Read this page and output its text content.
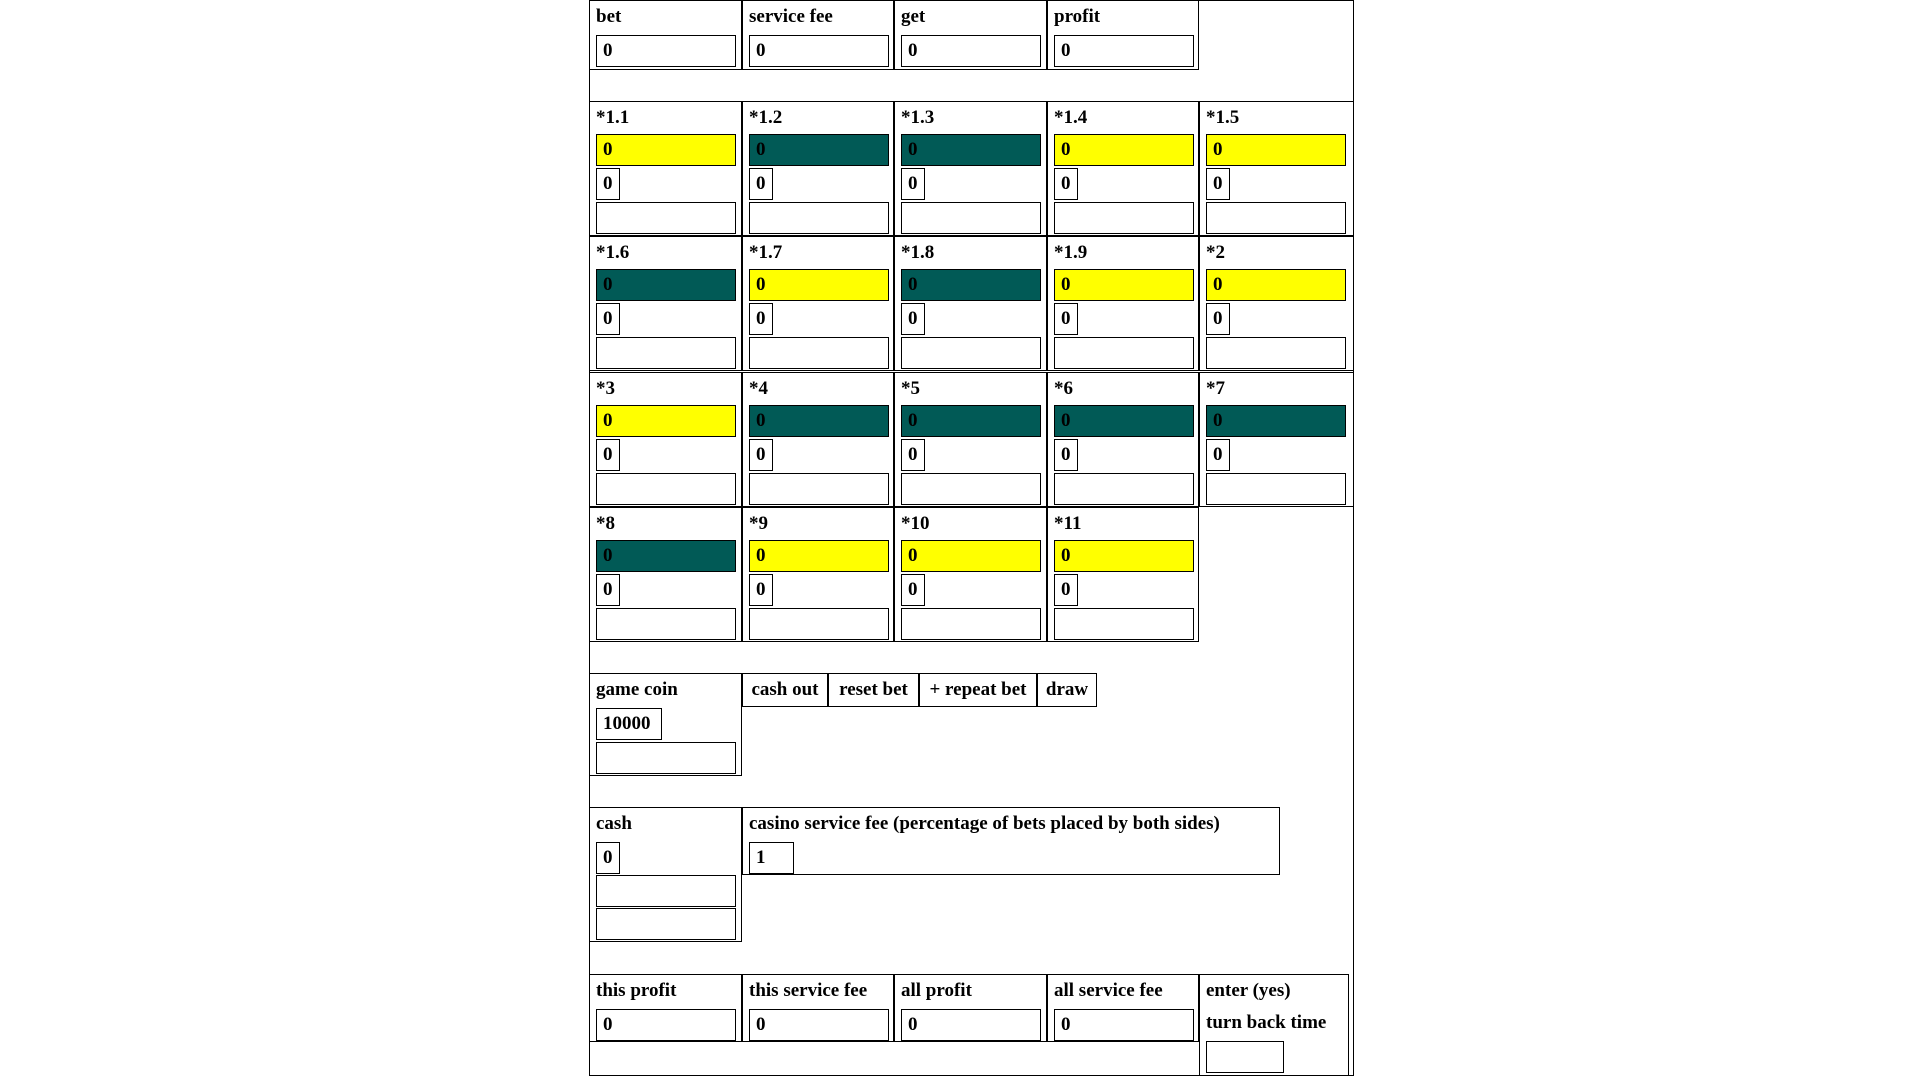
bet
0
service fee
0
get
0
profit
0
*1.1
0
0
*1.2
0
0
*1.3
0
0
*1.4
0
0
*1.5
0
0
*1.6
0
0
*1.7
0
0
*1.8
0
0
*1.9
0
0
*2
0
0
*3
0
0
*4
0
0
*5
0
0
*6
0
0
*7
0
0
*8
0
0
*9
0
0
*10
0
0
*11
0
0
game coin
10000
cash out	reset bet	+ repeat bet	draw
cash
0
casino service fee (percentage of bets placed by both sides)
1
this profit
0
this service fee
0
all profit
0
all service fee
0
enter (yes)
turn back time
